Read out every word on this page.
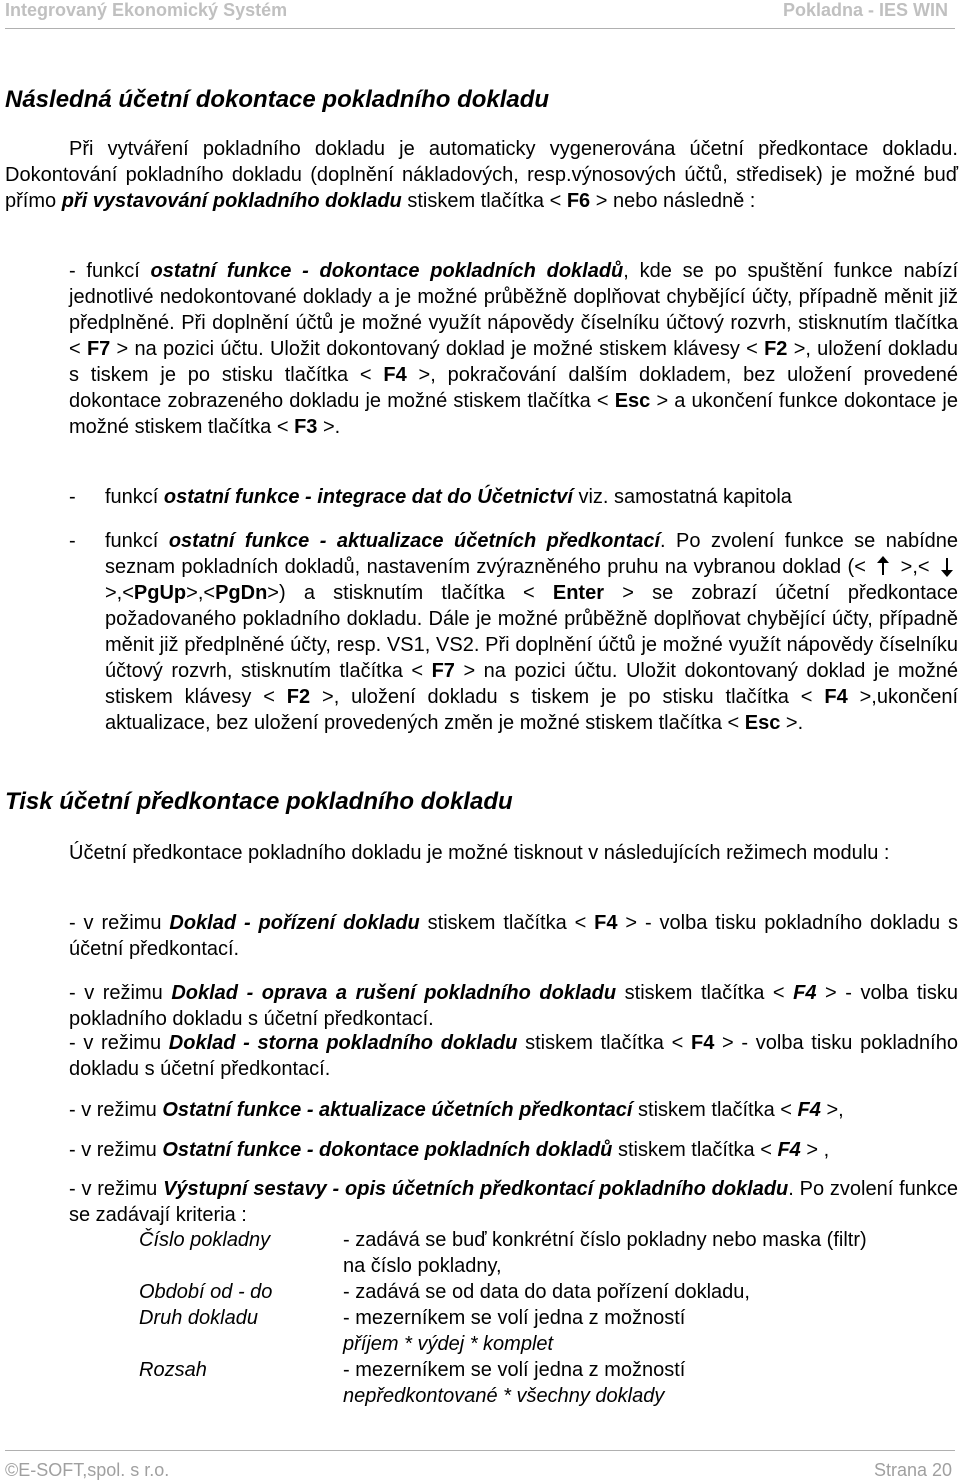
Integrovaný Ekonomický Systém	Pokladna - IES WIN
Následná účetní dokontace pokladního dokladu
Při vytváření pokladního dokladu je automaticky vygenerována účetní předkontace dokladu. Dokontování pokladního dokladu (doplnění nákladových, resp.výnosových účtů, středisek) je možné buď přímo při vystavování pokladního dokladu stiskem tlačítka < F6 > nebo následně :
- funkcí ostatní funkce - dokontace pokladních dokladů, kde se po spuštění funkce nabízí jednotlivé nedokontované doklady a je možné průběžně doplňovat chybějící účty, případně měnit již předplněné. Při doplnění účtů je možné využít nápovědy číselníku účtový rozvrh, stisknutím tlačítka < F7 > na pozici účtu. Uložit dokontovaný doklad je možné stiskem klávesy < F2 >, uložení dokladu s tiskem je po stisku tlačítka < F4 >, pokračování dalším dokladem, bez uložení provedené dokontace zobrazeného dokladu je možné stiskem tlačítka < Esc > a ukončení funkce dokontace je možné stiskem tlačítka < F3 >.
- funkcí ostatní funkce - integrace dat do Účetnictví viz. samostatná kapitola
- funkcí ostatní funkce - aktualizace účetních předkontací. Po zvolení funkce se nabídne seznam pokladních dokladů, nastavením zvýrazněného pruhu na vybranou doklad (<  >,<  >,<PgUp>,<PgDn>) a stisknutím tlačítka < Enter > se zobrazí účetní předkontace požadovaného pokladního dokladu. Dále je možné průběžně doplňovat chybějící účty, případně měnit již předplněné účty, resp. VS1, VS2. Při doplnění účtů je možné využít nápovědy číselníku účtový rozvrh, stisknutím tlačítka < F7 > na pozici účtu. Uložit dokontovaný doklad je možné stiskem klávesy < F2 >, uložení dokladu s tiskem je po stisku tlačítka < F4 >,ukončení aktualizace, bez uložení provedených změn je možné stiskem tlačítka < Esc >.
Tisk účetní předkontace pokladního dokladu
Účetní předkontace pokladního dokladu je možné tisknout v následujících režimech modulu :
- v režimu Doklad - pořízení dokladu stiskem tlačítka < F4 > - volba tisku pokladního dokladu s účetní předkontací.
- v režimu Doklad - oprava a rušení pokladního dokladu stiskem tlačítka < F4 > - volba tisku pokladního dokladu s účetní předkontací.
- v režimu Doklad - storna pokladního dokladu stiskem tlačítka < F4 > - volba tisku pokladního dokladu s účetní předkontací.
- v režimu Ostatní funkce - aktualizace účetních předkontací stiskem tlačítka < F4 >,
- v režimu Ostatní funkce - dokontace pokladních dokladů stiskem tlačítka < F4 > ,
- v režimu Výstupní sestavy - opis účetních předkontací pokladního dokladu. Po zvolení funkce se zadávají kriteria :
Číslo pokladny	- zadává se buď konkrétní číslo pokladny nebo maska (filtr)
na číslo pokladny,
Období od - do	- zadává se od data do data pořízení dokladu,
Druh dokladu	- mezerníkem se volí jedna z možností
příjem * výdej * komplet
Rozsah	- mezerníkem se volí jedna z možností
nepředkontované * všechny doklady
©E-SOFT,spol. s r.o.	Strana 20
